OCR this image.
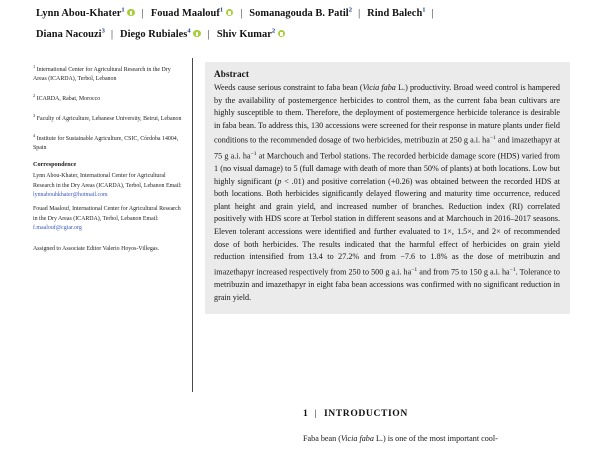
Lynn Abou-Khater$^1$ | Fouad Maalouf$^1$ | Somanagouda B. Patil$^2$ | Rind Balech$^1$ |
Diana Nacouzi$^3$ | Diego Rubiales$^4$ | Shiv Kumar$^2$
$^1$ International Center for Agricultural Research in the Dry Areas (ICARDA), Terbol, Lebanon
$^2$ ICARDA, Rabat, Morocco
$^3$ Faculty of Agriculture, Lebanese University, Beirut, Lebanon
$^4$ Institute for Sustainable Agriculture, CSIC, Córdoba 14004, Spain
Correspondence
Lynn Abou-Khater, International Center for Agricultural Research in the Dry Areas (ICARDA), Terbol, Lebanon Email: lynnabouhkhater@hotmail.com
Fouad Maalouf, International Center for Agricultural Research in the Dry Areas (ICARDA), Terbol, Lebanon Email: f.maalouf@cgiar.org
Assigned to Associate Editor Valerio Hoyos-Villegas.
Abstract
Weeds cause serious constraint to faba bean (Vicia faba L.) productivity. Broad weed control is hampered by the availability of postemergence herbicides to control them, as the current faba bean cultivars are highly susceptible to them. Therefore, the deployment of postemergence herbicide tolerance is desirable in faba bean. To address this, 130 accessions were screened for their response in mature plants under field conditions to the recommended dosage of two herbicides, metribuzin at 250 g a.i. $ha^{-1}$ and imazethapyr at 75 g a.i. $ha^{-1}$ at Marchouch and Terbol stations. The recorded herbicide damage score (HDS) varied from 1 (no visual damage) to 5 (full damage with death of more than 50% of plants) at both locations. Low but highly significant (p < .01) and positive correlation (+0.26) was obtained between the recorded HDS at both locations. Both herbicides significantly delayed flowering and maturity time occurrence, reduced plant height and grain yield, and increased number of branches. Reduction index (RI) correlated positively with HDS score at Terbol station in different seasons and at Marchouch in 2016–2017 seasons. Eleven tolerant accessions were identified and further evaluated to 1×, 1.5×, and 2× of recommended dose of both herbicides. The results indicated that the harmful effect of herbicides on grain yield reduction intensified from 13.4 to 27.2% and from −7.6 to 1.8% as the dose of metribuzin and imazethapyr increased respectively from 250 to 500 g a.i. $ha^{-1}$ and from 75 to 150 g a.i. $ha^{-1}$. Tolerance to metribuzin and imazethapyr in eight faba bean accessions was confirmed with no significant reduction in grain yield.
1 | INTRODUCTION
Faba bean (Vicia faba L.) is one of the most important cool-
